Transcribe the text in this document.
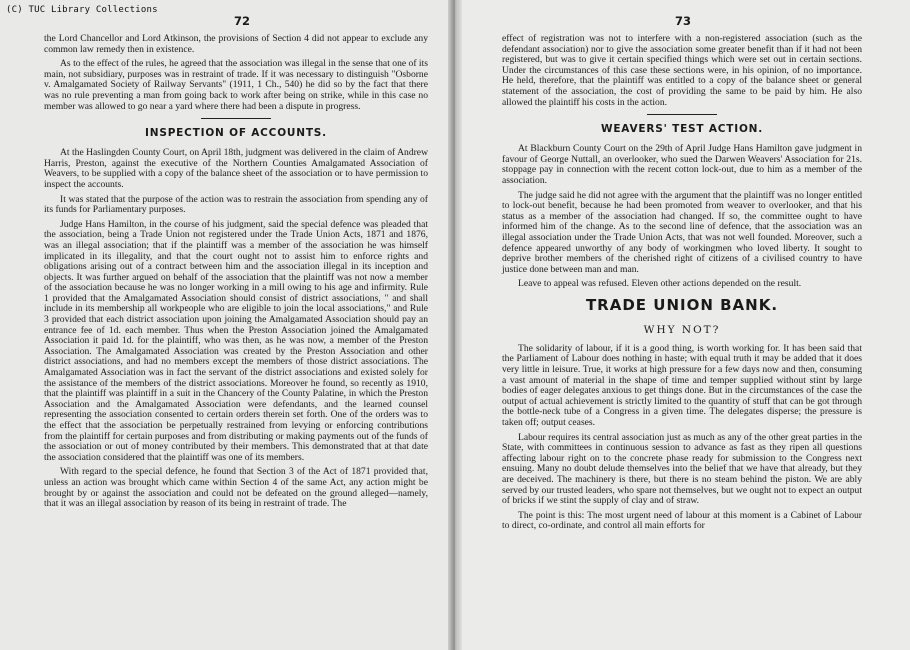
72

the Lord Chancellor and Lord Atkinson, the provisions of Section 4 did not appear to exclude any common law remedy then in existence.

As to the effect of the rules, he agreed that the association was illegal in the sense that one of its main, not subsidiary, purposes was in restraint of trade. If it was necessary to distinguish "Osborne v. Amalgamated Society of Railway Servants" (1911, 1 Ch., 540) he did so by the fact that there was no rule preventing a man from going back to work after being on strike, while in this case no member was allowed to go near a yard where there had been a dispute in progress.

INSPECTION OF ACCOUNTS.

At the Haslingden County Court, on April 18th, judgment was delivered in the claim of Andrew Harris, Preston, against the executive of the Northern Counties Amalgamated Association of Weavers, to be supplied with a copy of the balance sheet of the association or to have permission to inspect the accounts.

It was stated that the purpose of the action was to restrain the association from spending any of its funds for Parliamentary purposes.

Judge Hans Hamilton, in the course of his judgment, said the special defence was pleaded that the association, being a Trade Union not registered under the Trade Union Acts, 1871 and 1876, was an illegal association; that if the plaintiff was a member of the association he was himself implicated in its illegality, and that the court ought not to assist him to enforce rights and obligations arising out of a contract between him and the association illegal in its inception and objects. It was further argued on behalf of the association that the plaintiff was not now a member of the association because he was no longer working in a mill owing to his age and infirmity. Rule 1 provided that the Amalgamated Association should consist of district associations, " and shall include in its membership all workpeople who are eligible to join the local associations," and Rule 3 provided that each district association upon joining the Amalgamated Association should pay an entrance fee of 1d. each member. Thus when the Preston Association joined the Amalgamated Association it paid 1d. for the plaintiff, who was then, as he was now, a member of the Preston Association. The Amalgamated Association was created by the Preston Association and other district associations, and had no members except the members of those district associations. The Amalgamated Association was in fact the servant of the district associations and existed solely for the assistance of the members of the district associations. Moreover he found, so recently as 1910, that the plaintiff was plaintiff in a suit in the Chancery of the County Palatine, in which the Preston Association and the Amalgamated Association were defendants, and the learned counsel representing the association consented to certain orders therein set forth. One of the orders was to the effect that the association be perpetually restrained from levying or enforcing contributions from the plaintiff for certain purposes and from distributing or making payments out of the funds of the association or out of money contributed by their members. This demonstrated that at that date the association considered that the plaintiff was one of its members.

With regard to the special defence, he found that Section 3 of the Act of 1871 provided that, unless an action was brought which came within Section 4 of the same Act, any action might be brought by or against the association and could not be defeated on the ground alleged—namely, that it was an illegal association by reason of its being in restraint of trade. The

73

effect of registration was not to interfere with a non-registered association (such as the defendant association) nor to give the association some greater benefit than if it had not been registered, but was to give it certain specified things which were set out in certain sections. Under the circumstances of this case these sections were, in his opinion, of no importance. He held, therefore, that the plaintiff was entitled to a copy of the balance sheet or general statement of the association, the cost of providing the same to be paid by him. He also allowed the plaintiff his costs in the action.

WEAVERS' TEST ACTION.

At Blackburn County Court on the 29th of April Judge Hans Hamilton gave judgment in favour of George Nuttall, an overlooker, who sued the Darwen Weavers' Association for 21s. stoppage pay in connection with the recent cotton lock-out, due to him as a member of the association.

The judge said he did not agree with the argument that the plaintiff was no longer entitled to lock-out benefit, because he had been promoted from weaver to overlooker, and that his status as a member of the association had changed. If so, the committee ought to have informed him of the change. As to the second line of defence, that the association was an illegal association under the Trade Union Acts, that was not well founded. Moreover, such a defence appeared unworthy of any body of workingmen who loved liberty. It sought to deprive brother members of the cherished right of citizens of a civilised country to have justice done between man and man.

Leave to appeal was refused. Eleven other actions depended on the result.

TRADE UNION BANK.
WHY NOT?

The solidarity of labour, if it is a good thing, is worth working for. It has been said that the Parliament of Labour does nothing in haste; with equal truth it may be added that it does very little in leisure. True, it works at high pressure for a few days now and then, consuming a vast amount of material in the shape of time and temper supplied without stint by large bodies of eager delegates anxious to get things done. But in the circumstances of the case the output of actual achievement is strictly limited to the quantity of stuff that can be got through the bottle-neck tube of a Congress in a given time. The delegates disperse; the pressure is taken off; output ceases.

Labour requires its central association just as much as any of the other great parties in the State, with committees in continuous session to advance as fast as they ripen all questions affecting labour right on to the concrete phase ready for submission to the Congress next ensuing. Many no doubt delude themselves into the belief that we have that already, but they are deceived. The machinery is there, but there is no steam behind the piston. We are ably served by our trusted leaders, who spare not themselves, but we ought not to expect an output of bricks if we stint the supply of clay and of straw.

The point is this: The most urgent need of labour at this moment is a Cabinet of Labour to direct, co-ordinate, and control all main efforts for

(C) TUC Library Collections
